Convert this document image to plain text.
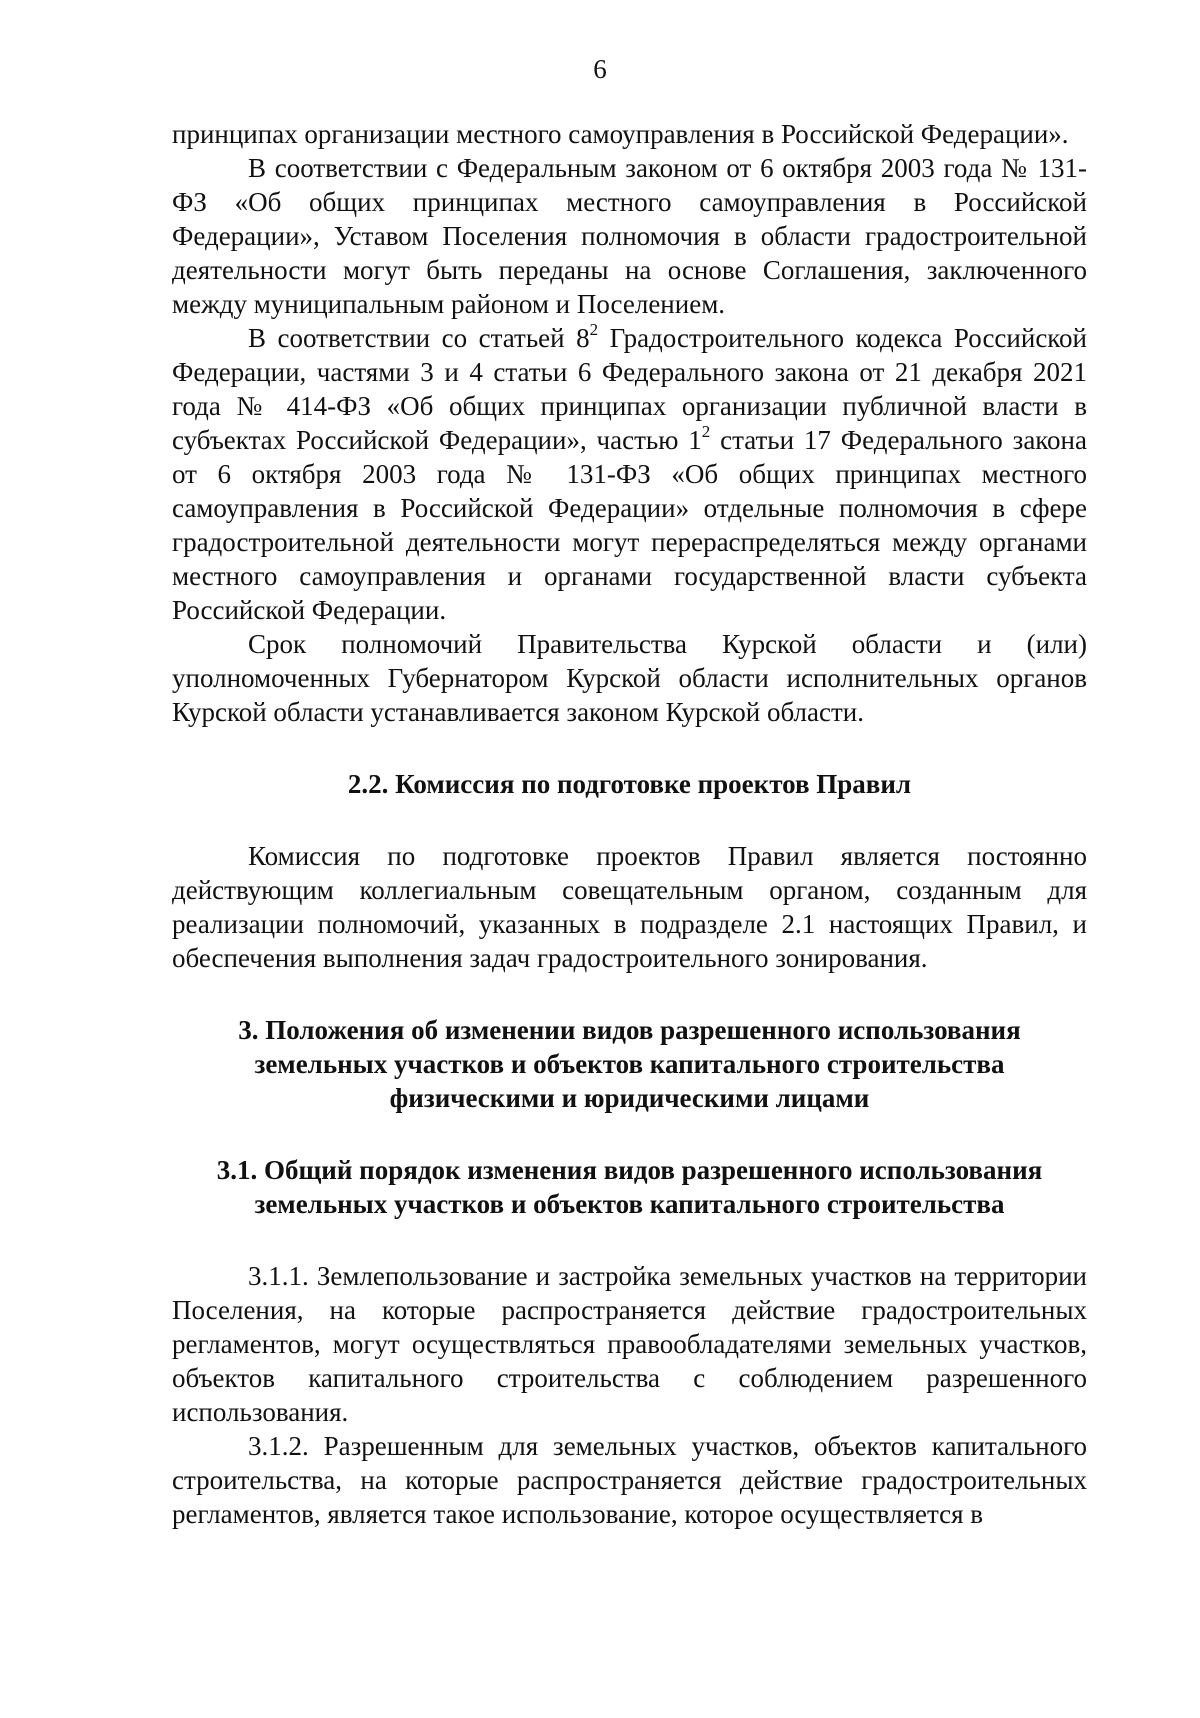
6

принципах организации местного самоуправления в Российской Федерации».

В соответствии с Федеральным законом от 6 октября 2003 года № 131-ФЗ «Об общих принципах местного самоуправления в Российской Федерации», Уставом Поселения полномочия в области градостроительной деятельности могут быть переданы на основе Соглашения, заключенного между муниципальным районом и Поселением.

В соответствии со статьей $8^2$ Градостроительного кодекса Российской Федерации, частями 3 и 4 статьи 6 Федерального закона от 21 декабря 2021 года № 414-ФЗ «Об общих принципах организации публичной власти в субъектах Российской Федерации», частью $1^2$ статьи 17 Федерального закона от 6 октября 2003 года № 131-ФЗ «Об общих принципах местного самоуправления в Российской Федерации» отдельные полномочия в сфере градостроительной деятельности могут перераспределяться между органами местного самоуправления и органами государственной власти субъекта Российской Федерации.

Срок полномочий Правительства Курской области и (или) уполномоченных Губернатором Курской области исполнительных органов Курской области устанавливается законом Курской области.

2.2. Комиссия по подготовке проектов Правил

Комиссия по подготовке проектов Правил является постоянно действующим коллегиальным совещательным органом, созданным для реализации полномочий, указанных в подразделе 2.1 настоящих Правил, и обеспечения выполнения задач градостроительного зонирования.

3. Положения об изменении видов разрешенного использования
земельных участков и объектов капитального строительства
физическими и юридическими лицами
3.1. Общий порядок изменения видов разрешенного использования
земельных участков и объектов капитального строительства

3.1.1. Землепользование и застройка земельных участков на территории Поселения, на которые распространяется действие градостроительных регламентов, могут осуществляться правообладателями земельных участков, объектов капитального строительства с соблюдением разрешенного использования.

3.1.2. Разрешенным для земельных участков, объектов капитального строительства, на которые распространяется действие градостроительных регламентов, является такое использование, которое осуществляется в
